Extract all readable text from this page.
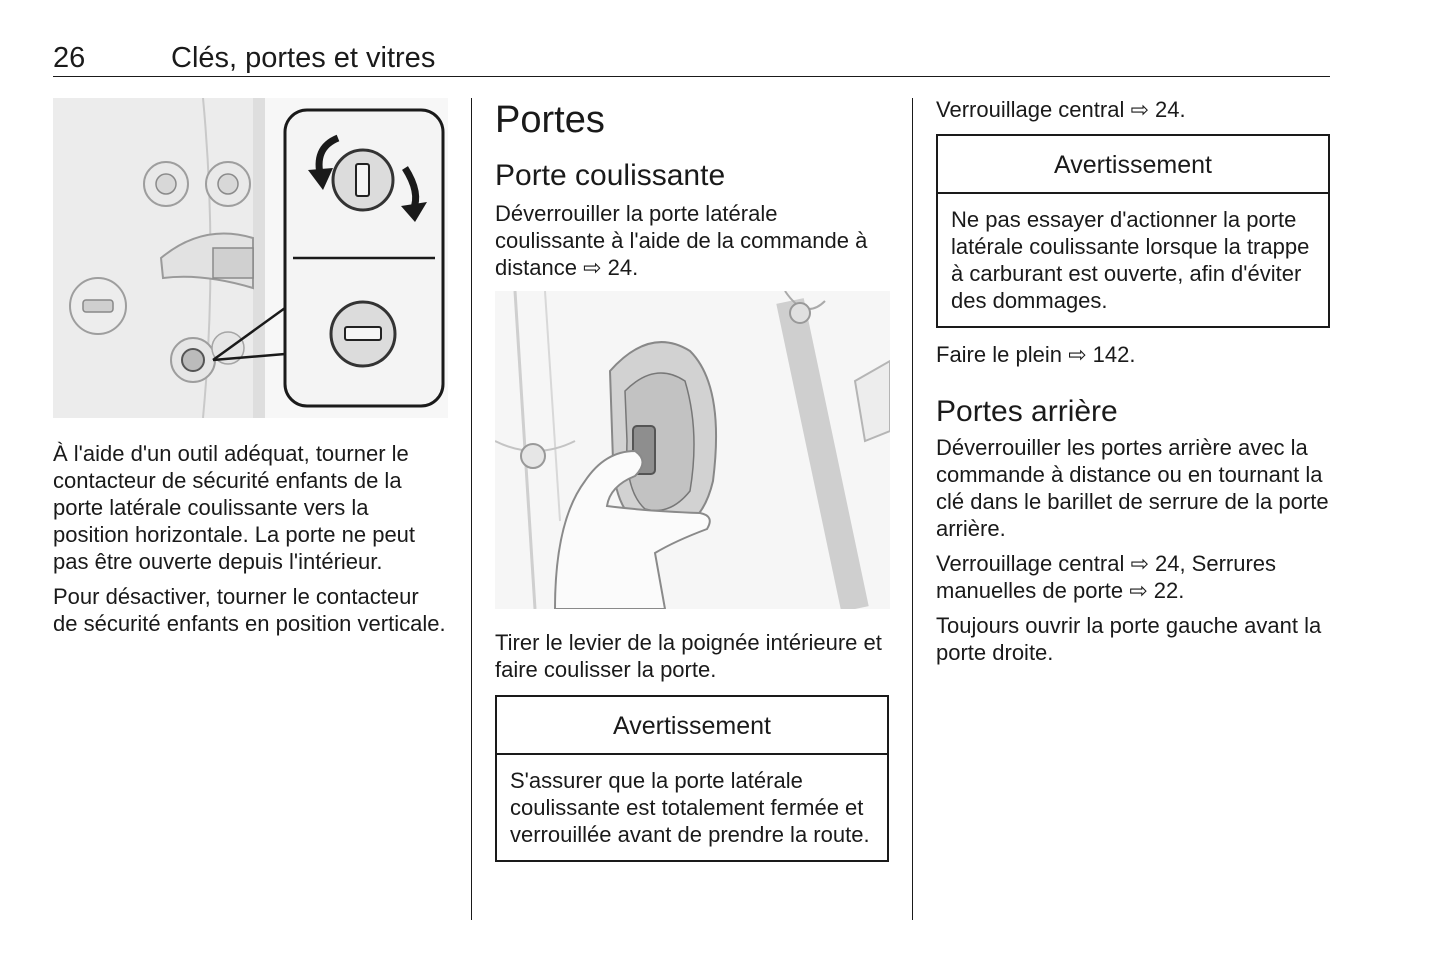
26	Clés, portes et vitres

À l'aide d'un outil adéquat, tourner le contacteur de sécurité enfants de la porte latérale coulissante vers la position horizontale. La porte ne peut pas être ouverte depuis l'intérieur.

Pour désactiver, tourner le contacteur de sécurité enfants en position verticale.

Portes
Porte coulissante

Déverrouiller la porte latérale coulissante à l'aide de la commande à distance ⇨ 24.

Tirer le levier de la poignée intérieure et faire coulisser la porte.

Avertissement
S'assurer que la porte latérale coulissante est totalement fermée et verrouillée avant de prendre la route.

Verrouillage central ⇨ 24.

Avertissement
Ne pas essayer d'actionner la porte latérale coulissante lorsque la trappe à carburant est ouverte, afin d'éviter des dommages.

Faire le plein ⇨ 142.

Portes arrière

Déverrouiller les portes arrière avec la commande à distance ou en tournant la clé dans le barillet de serrure de la porte arrière.

Verrouillage central ⇨ 24, Serrures manuelles de porte ⇨ 22.

Toujours ouvrir la porte gauche avant la porte droite.
